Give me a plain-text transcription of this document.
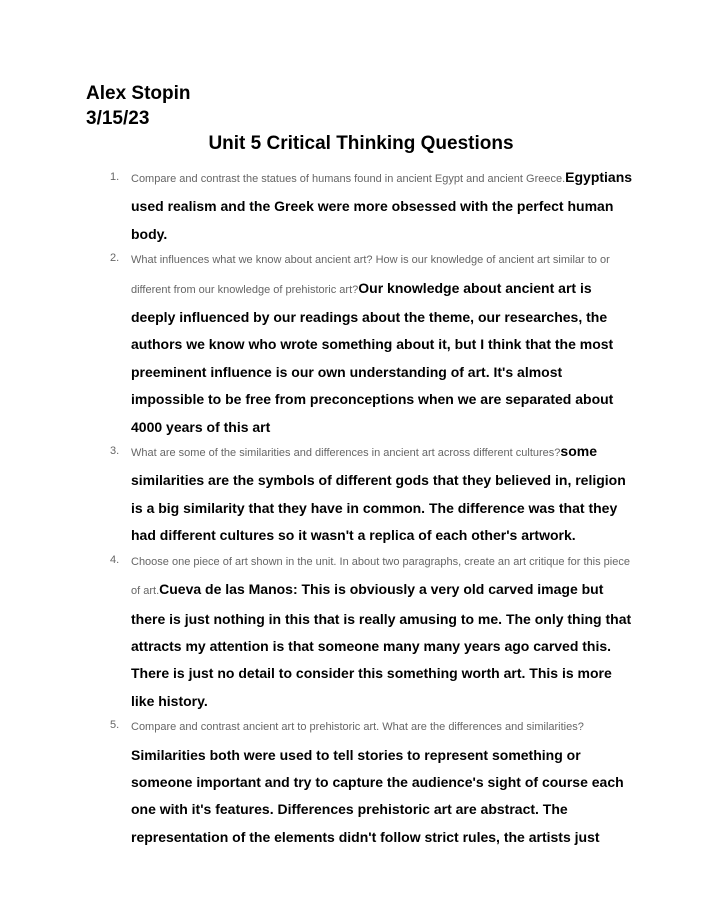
Alex Stopin
3/15/23
Unit 5 Critical Thinking Questions
1. Compare and contrast the statues of humans found in ancient Egypt and ancient Greece.Egyptians used realism and the Greek were more obsessed with the perfect human body.
2. What influences what we know about ancient art? How is our knowledge of ancient art similar to or different from our knowledge of prehistoric art?Our knowledge about ancient art is deeply influenced by our readings about the theme, our researches, the authors we know who wrote something about it, but I think that the most preeminent influence is our own understanding of art. It's almost impossible to be free from preconceptions when we are separated about 4000 years of this art
3. What are some of the similarities and differences in ancient art across different cultures?some similarities are the symbols of different gods that they believed in, religion is a big similarity that they have in common. The difference was that they had different cultures so it wasn't a replica of each other's artwork.
4. Choose one piece of art shown in the unit. In about two paragraphs, create an art critique for this piece of art.Cueva de las Manos: This is obviously a very old carved image but there is just nothing in this that is really amusing to me. The only thing that attracts my attention is that someone many many years ago carved this. There is just no detail to consider this something worth art. This is more like history.
5. Compare and contrast ancient art to prehistoric art. What are the differences and similarities?
Similarities both were used to tell stories to represent something or someone important and try to capture the audience's sight of course each one with it's features. Differences prehistoric art are abstract. The representation of the elements didn't follow strict rules, the artists just
